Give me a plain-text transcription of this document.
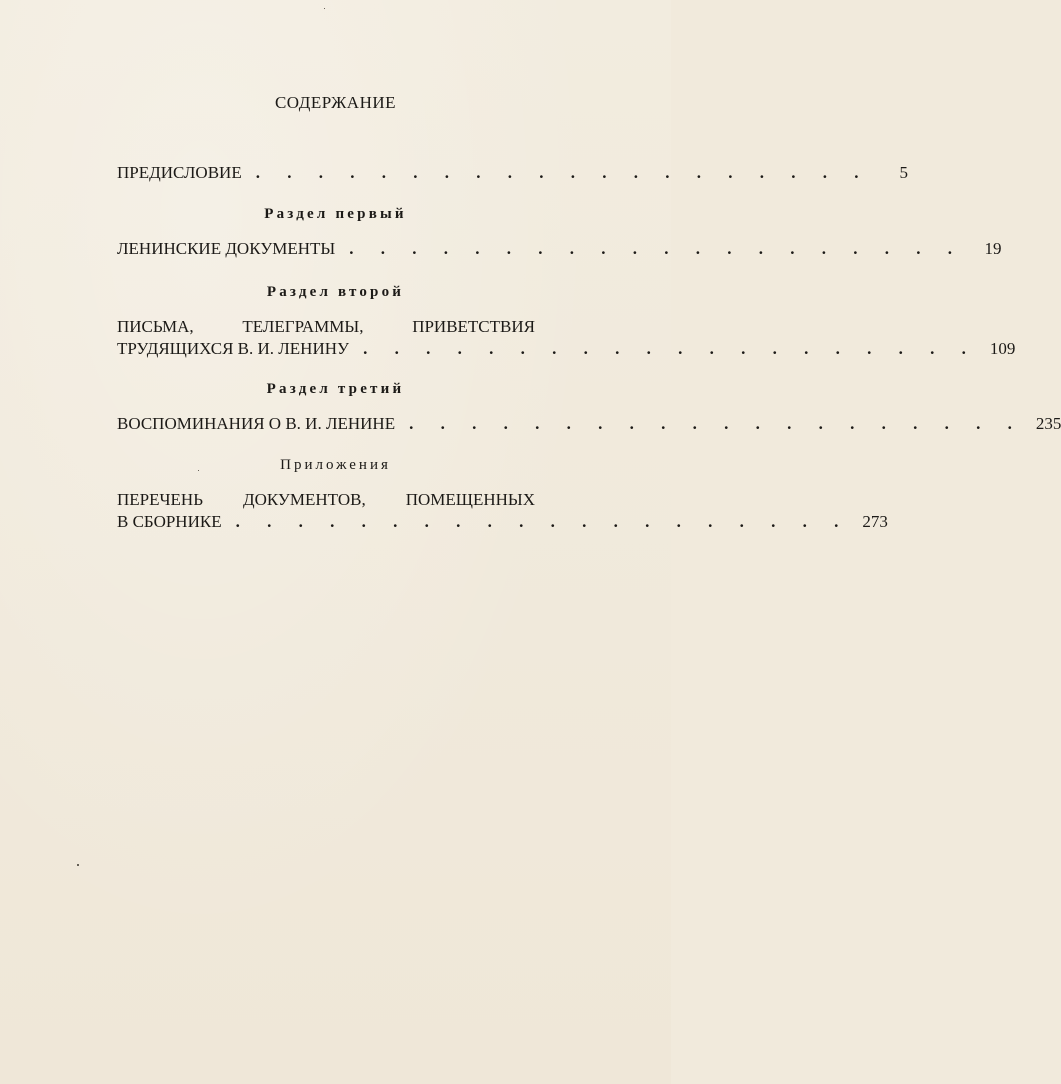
СОДЕРЖАНИЕ
ПРЕДИСЛОВИЕ . . . . . . . . . . . . . . . . . . . .	5
Раздел первый
ЛЕНИНСКИЕ ДОКУМЕНТЫ . . . . . . . . . . . . . . . . . . . .	19
Раздел второй
ПИСЬМА,	ТЕЛЕГРАММЫ,	ПРИВЕТСТВИЯ
ТРУДЯЩИХСЯ В. И. ЛЕНИНУ . . . . . . . . . . . . . . . . . . . . 109
Раздел третий
ВОСПОМИНАНИЯ О В. И. ЛЕНИНЕ . . . . . . . . . . . . . . . . . . . . 235
Приложения
ПЕРЕЧЕНЬ ДОКУМЕНТОВ, ПОМЕЩЕННЫХ
В СБОРНИКЕ . . . . . . . . . . . . . . . . . . . . 273
